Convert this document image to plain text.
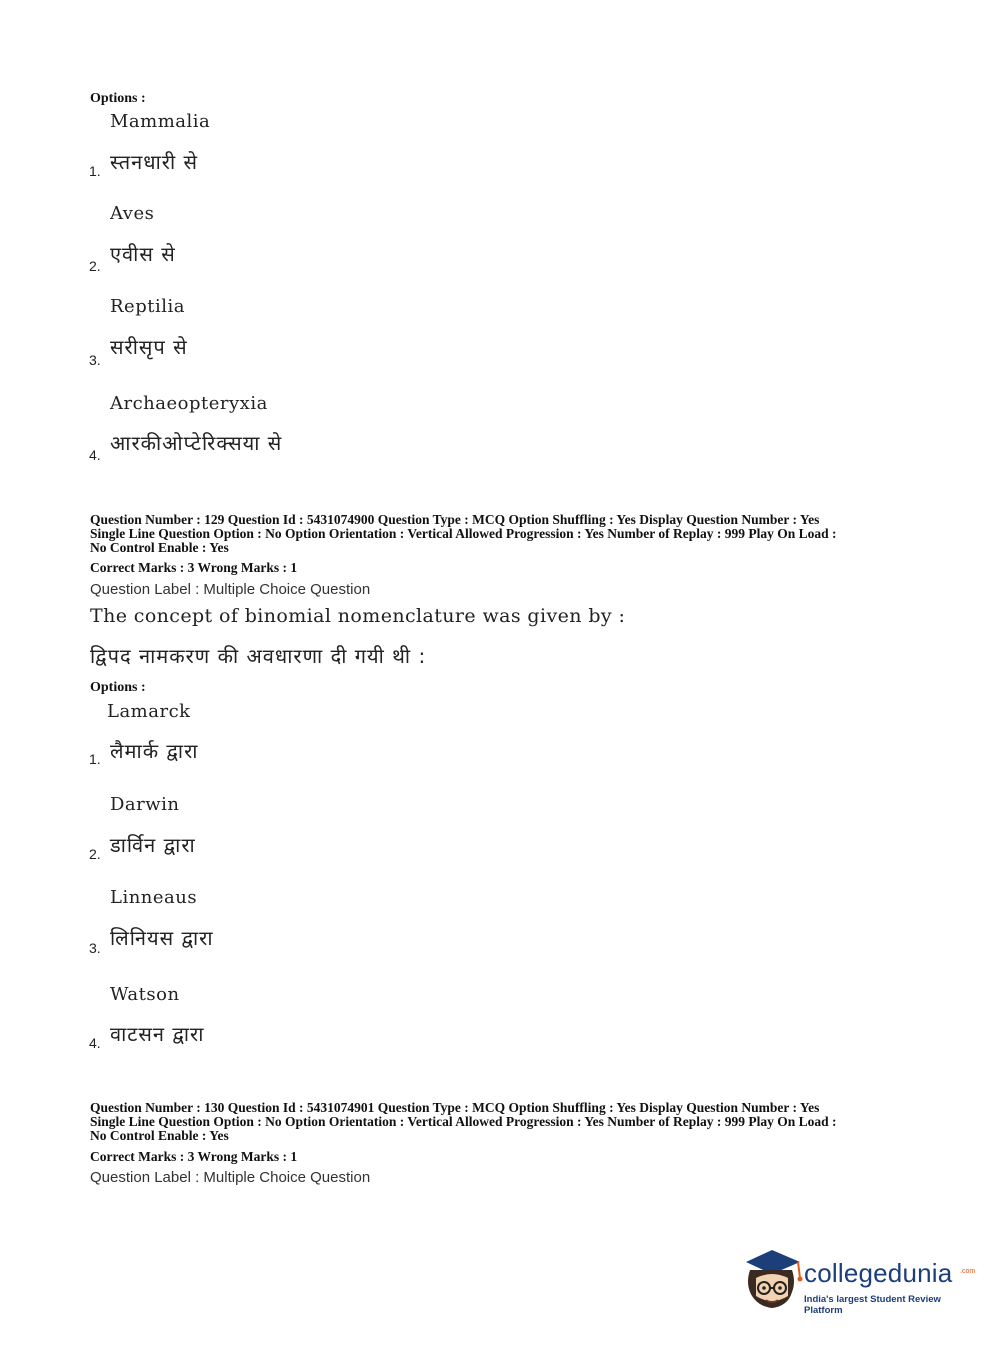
Options :
Mammalia
स्तनधारी से
1.
Aves
एवीस से
2.
Reptilia
सरीसृप से
3.
Archaeopteryxia
आरकीओप्टेरिक्सया से
4.
Question Number : 129 Question Id : 5431074900 Question Type : MCQ Option Shuffling : Yes Display Question Number : Yes
Single Line Question Option : No Option Orientation : Vertical Allowed Progression : Yes Number of Replay : 999 Play On Load :
No Control Enable : Yes
Correct Marks : 3 Wrong Marks : 1
Question Label : Multiple Choice Question
The concept of binomial nomenclature was given by :
द्विपद नामकरण की अवधारणा दी गयी थी :
Options :
Lamarck
लैमार्क द्वारा
1.
Darwin
डार्विन द्वारा
2.
Linneaus
लिनियस द्वारा
3.
Watson
वाटसन द्वारा
4.
Question Number : 130 Question Id : 5431074901 Question Type : MCQ Option Shuffling : Yes Display Question Number : Yes
Single Line Question Option : No Option Orientation : Vertical Allowed Progression : Yes Number of Replay : 999 Play On Load :
No Control Enable : Yes
Correct Marks : 3 Wrong Marks : 1
Question Label : Multiple Choice Question
collegedunia .com
India's largest Student Review Platform
